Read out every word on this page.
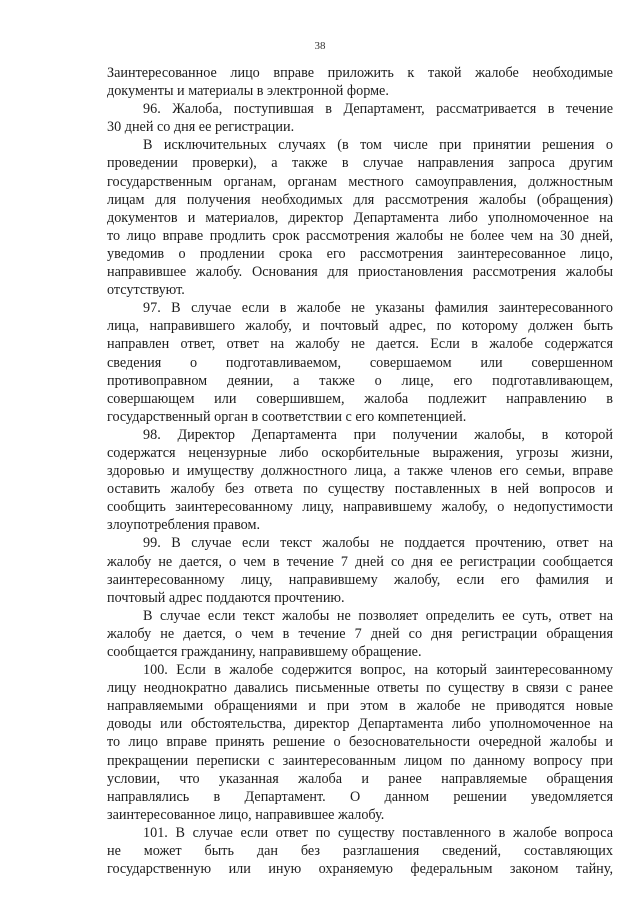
38
Заинтересованное лицо вправе приложить к такой жалобе необходимые
документы и материалы в электронной форме.
96. Жалоба, поступившая в Департамент, рассматривается в течение
30 дней со дня ее регистрации.
В исключительных случаях (в том числе при принятии решения о
проведении проверки), а также в случае направления запроса другим
государственным органам, органам местного самоуправления, должностным
лицам для получения необходимых для рассмотрения жалобы (обращения)
документов и материалов, директор Департамента либо уполномоченное на
то лицо вправе продлить срок рассмотрения жалобы не более чем на 30 дней,
уведомив о продлении срока его рассмотрения заинтересованное лицо,
направившее жалобу. Основания для приостановления рассмотрения жалобы
отсутствуют.
97. В случае если в жалобе не указаны фамилия заинтересованного
лица, направившего жалобу, и почтовый адрес, по которому должен быть
направлен ответ, ответ на жалобу не дается. Если в жалобе содержатся
сведения о подготавливаемом, совершаемом или совершенном
противоправном деянии, а также о лице, его подготавливающем,
совершающем или совершившем, жалоба подлежит направлению в
государственный орган в соответствии с его компетенцией.
98. Директор Департамента при получении жалобы, в которой
содержатся нецензурные либо оскорбительные выражения, угрозы жизни,
здоровью и имуществу должностного лица, а также членов его семьи, вправе
оставить жалобу без ответа по существу поставленных в ней вопросов и
сообщить заинтересованному лицу, направившему жалобу, о недопустимости
злоупотребления правом.
99. В случае если текст жалобы не поддается прочтению, ответ на
жалобу не дается, о чем в течение 7 дней со дня ее регистрации сообщается
заинтересованному лицу, направившему жалобу, если его фамилия и
почтовый адрес поддаются прочтению.
В случае если текст жалобы не позволяет определить ее суть, ответ на
жалобу не дается, о чем в течение 7 дней со дня регистрации обращения
сообщается гражданину, направившему обращение.
100. Если в жалобе содержится вопрос, на который заинтересованному
лицу неоднократно давались письменные ответы по существу в связи с ранее
направляемыми обращениями и при этом в жалобе не приводятся новые
доводы или обстоятельства, директор Департамента либо уполномоченное на
то лицо вправе принять решение о безосновательности очередной жалобы и
прекращении переписки с заинтересованным лицом по данному вопросу при
условии, что указанная жалоба и ранее направляемые обращения
направлялись в Департамент. О данном решении уведомляется
заинтересованное лицо, направившее жалобу.
101. В случае если ответ по существу поставленного в жалобе вопроса
не может быть дан без разглашения сведений, составляющих
государственную или иную охраняемую федеральным законом тайну,
